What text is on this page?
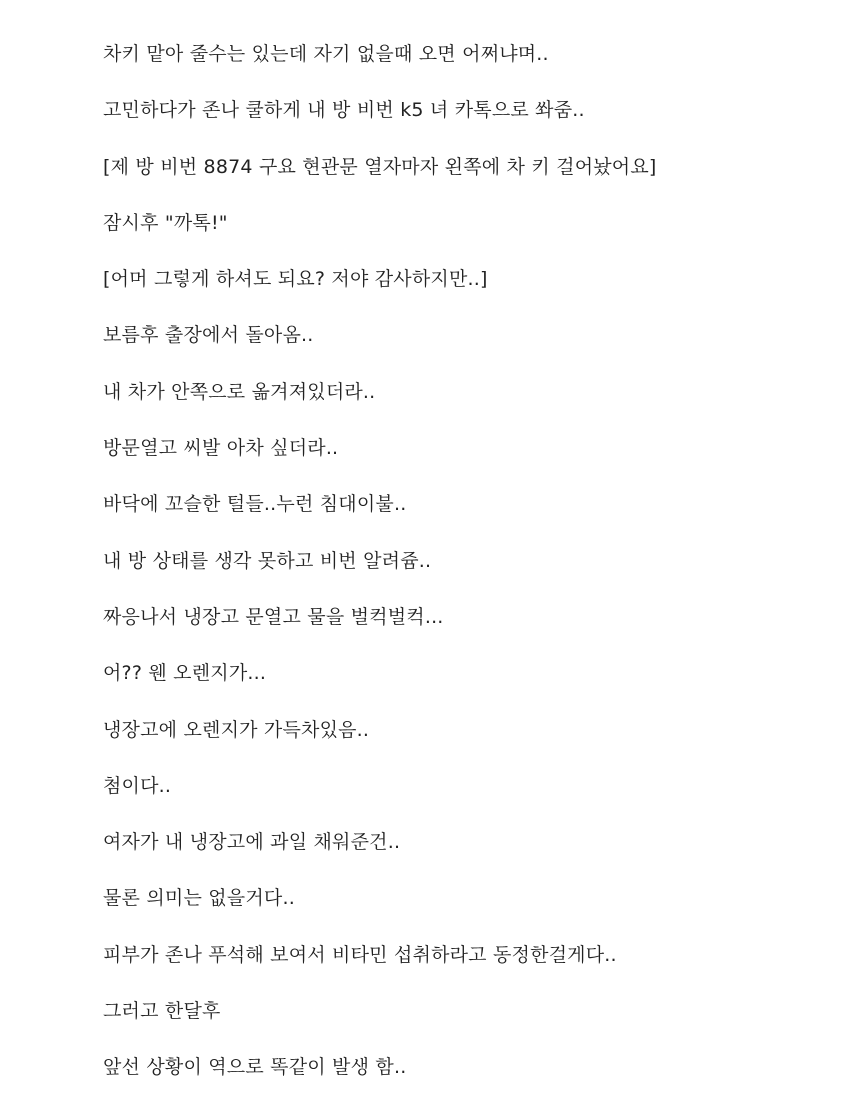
차키 맡아 줄수는 있는데 자기 없을때 오면 어쩌냐며..
고민하다가 존나 쿨하게 내 방 비번 k5 녀 카톡으로 쏴줌..
[제 방 비번 8874 구요 현관문 열자마자 왼쪽에 차 키 걸어놨어요]
잠시후 "까톡!"
[어머 그렇게 하셔도 되요? 저야 감사하지만..]
보름후 출장에서 돌아옴..
내 차가 안쪽으로 옮겨져있더라..
방문열고 씨발 아차 싶더라..
바닥에 꼬슬한 털들..누런 침대이불..
내 방 상태를 생각 못하고 비번 알려쥼..
짜응나서 냉장고 문열고 물을 벌컥벌컥...
어?? 웬 오렌지가...
냉장고에 오렌지가 가득차있음..
첨이다..
여자가 내 냉장고에 과일 채워준건..
물론 의미는 없을거다..
피부가 존나 푸석해 보여서 비타민 섭취하라고 동정한걸게다..
그러고 한달후
앞선 상황이 역으로 똑같이 발생 함..
